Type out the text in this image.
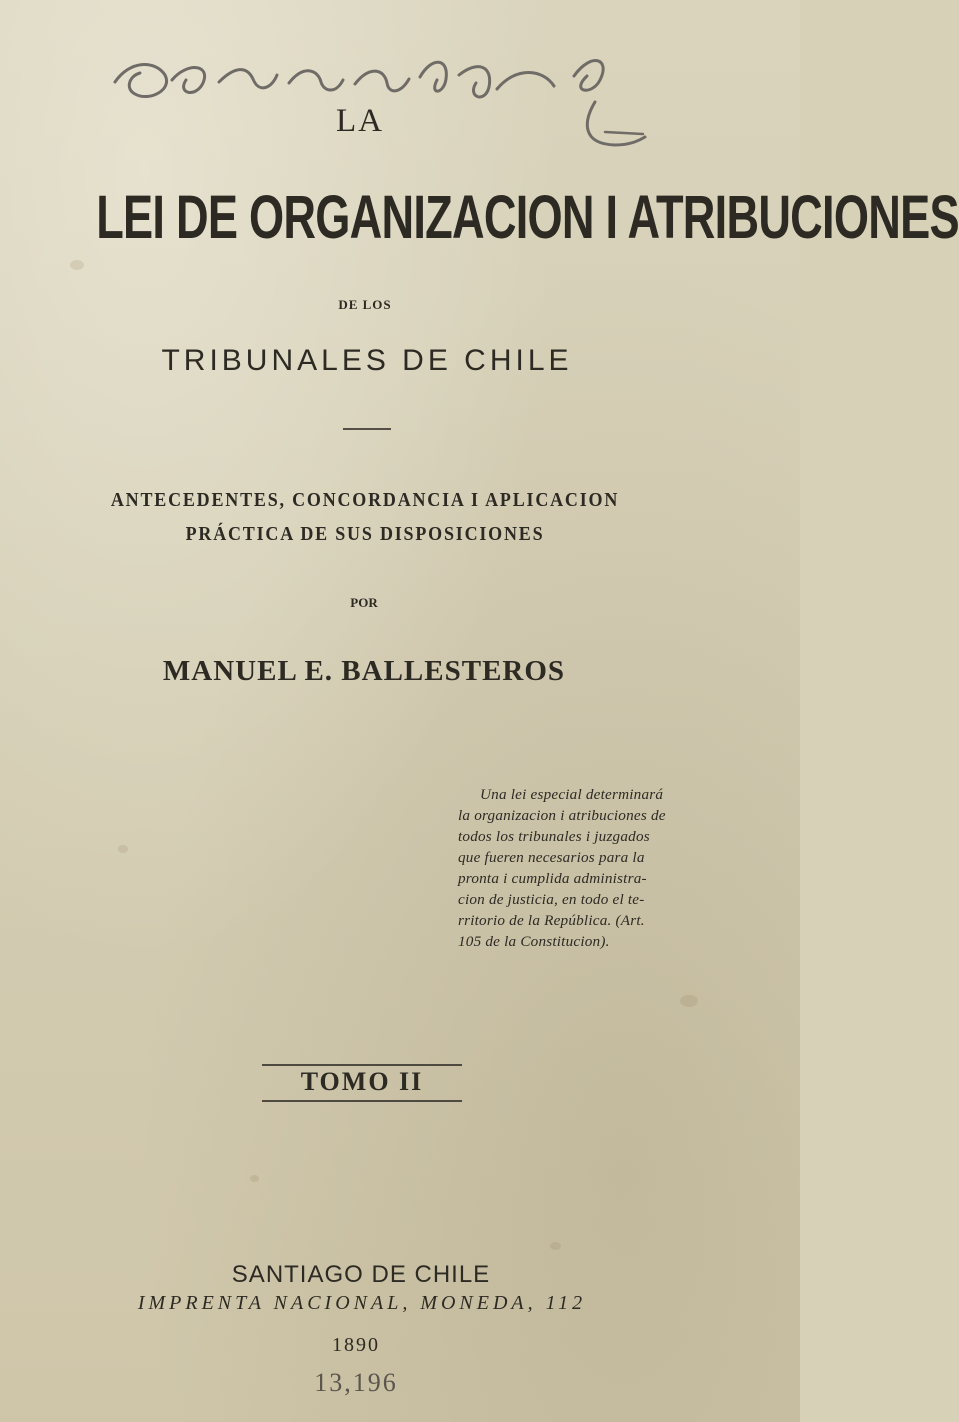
LA
LEI DE ORGANIZACION I ATRIBUCIONES
DE LOS
TRIBUNALES DE CHILE
ANTECEDENTES, CONCORDANCIA I APLICACION
PRÁCTICA DE SUS DISPOSICIONES
POR
MANUEL E. BALLESTEROS
Una lei especial determinará
la organizacion i atribuciones de
todos los tribunales i juzgados
que fueren necesarios para la
pronta i cumplida administra-
cion de justicia, en todo el te-
rritorio de la República. (Art.
105 de la Constitucion).
TOMO II
SANTIAGO DE CHILE
IMPRENTA NACIONAL, MONEDA, 112
1890
13,196
